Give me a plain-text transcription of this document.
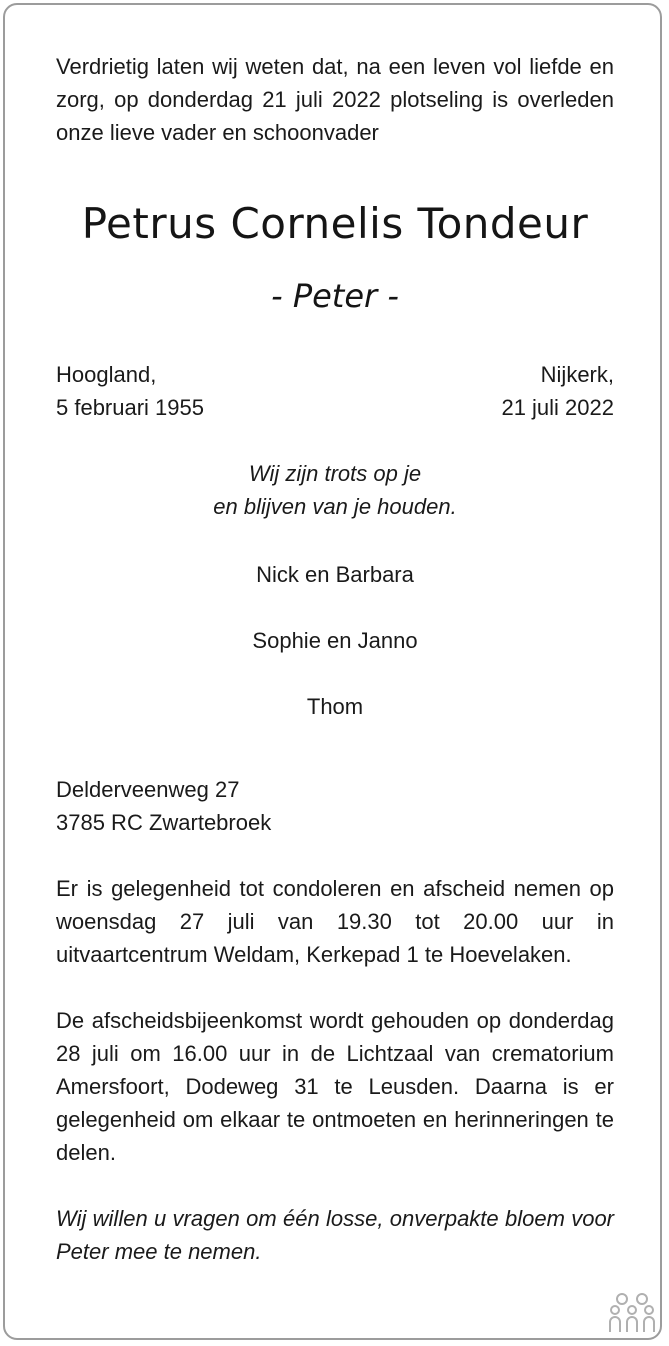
Verdrietig laten wij weten dat, na een leven vol liefde en zorg, op donderdag 21 juli 2022 plotseling is overleden onze lieve vader en schoonvader

Petrus Cornelis Tondeur
- Peter -
Hoogland,
5 februari 1955
Nijkerk,
21 juli 2022
Wij zijn trots op je
en blijven van je houden.
Nick en Barbara
Sophie en Janno
Thom
Delderveenweg 27
3785 RC Zwartebroek

Er is gelegenheid tot condoleren en afscheid nemen op woensdag 27 juli van 19.30 tot 20.00 uur in uitvaartcentrum Weldam, Kerkepad 1 te Hoevelaken.

De afscheidsbijeenkomst wordt gehouden op donderdag 28 juli om 16.00 uur in de Lichtzaal van crematorium Amersfoort, Dodeweg 31 te Leusden. Daarna is er gelegenheid om elkaar te ontmoeten en herinneringen te delen.

Wij willen u vragen om één losse, onverpakte bloem voor Peter mee te nemen.
